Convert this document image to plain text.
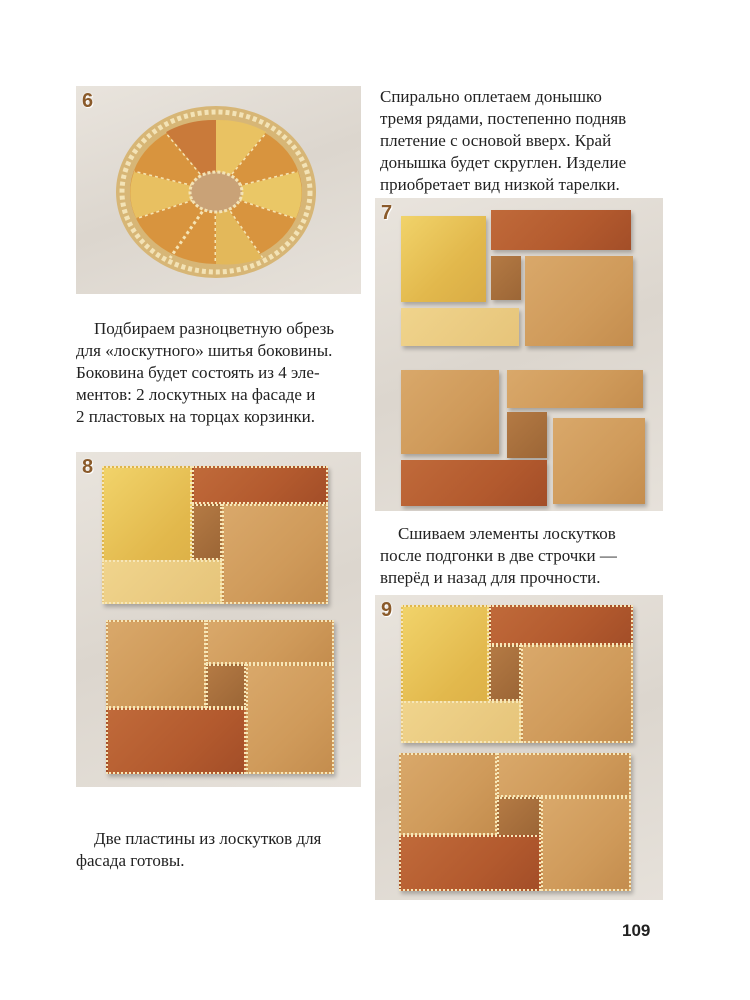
6	Спирально оплетаем донышко
тремя рядами, постепенно подняв
плетение с основой вверх. Край
донышка будет скруглен. Изделие
приобретает вид низкой тарелки.

7

Подбираем разноцветную обрезь
для «лоскутного» шитья боковины.
Боковина будет состоять из 4 эле-
ментов: 2 лоскутных на фасаде и
2 пластовых на торцах корзинки.

8

Сшиваем элементы лоскутков
после подгонки в две строчки —
вперёд и назад для прочности.

9

Две пластины из лоскутков для
фасада готовы.

109
